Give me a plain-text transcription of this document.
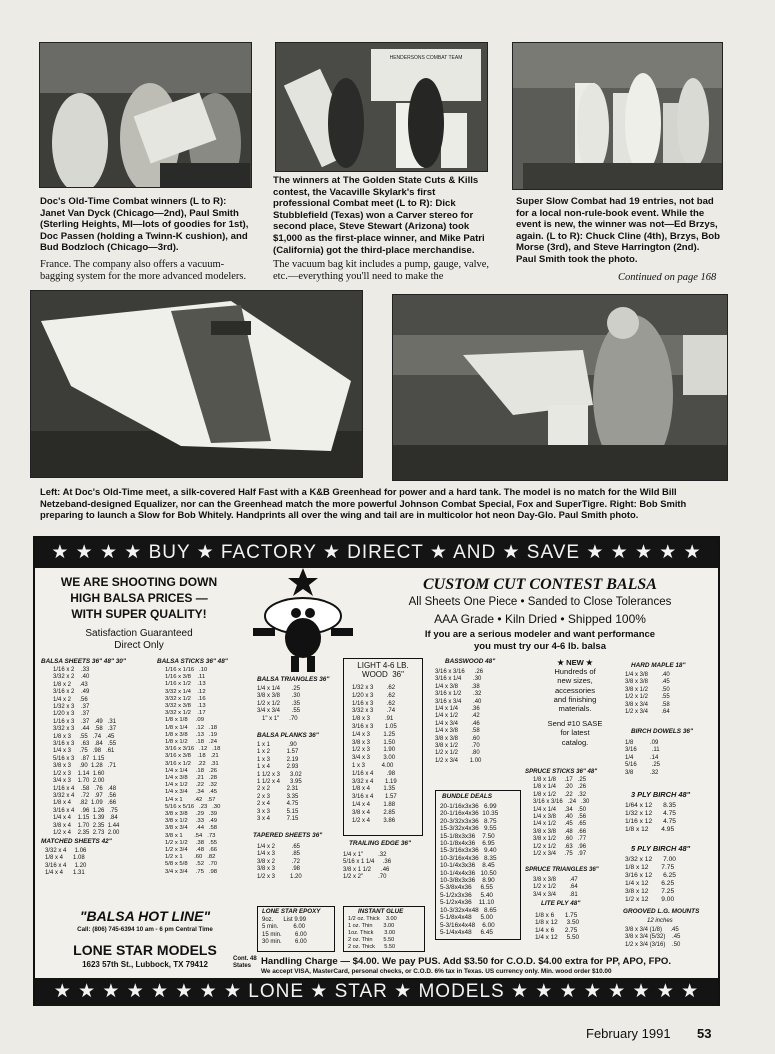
HENDERSONS COMBAT TEAM
Doc's Old-Time Combat winners (L to R): Janet Van Dyck (Chicago—2nd), Paul Smith (Sterling Heights, MI—lots of goodies for 1st), Doc Passen (holding a Twinn-K cushion), and Bud Bodzloch (Chicago—3rd).
The winners at The Golden State Cuts & Kills contest, the Vacaville Skylark's first professional Combat meet (L to R): Dick Stubblefield (Texas) won a Carver stereo for second place, Steve Stewart (Arizona) took $1,000 as the first-place winner, and Mike Patri (California) got the third-place merchandise.
Super Slow Combat had 19 entries, not bad for a local non-rule-book event. While the event is new, the winner was not—Ed Brzys, again. (L to R): Chuck Cline (4th), Brzys, Bob Morse (3rd), and Steve Harrington (2nd). Paul Smith took the photo.
France. The company also offers a vacuum-bagging system for the more advanced modelers.
The vacuum bag kit includes a pump, gauge, valve, etc.—everything you'll need to make the	Continued on page 168
Left: At Doc's Old-Time meet, a silk-covered Half Fast with a K&B Greenhead for power and a hard tank. The model is no match for the Wild Bill Netzeband-designed Equalizer, nor can the Greenhead match the more powerful Johnson Combat Special, Fox and SuperTigre. Right: Bob Smith preparing to launch a Slow for Bob Whitely. Handprints all over the wing and tail are in multicolor hot neon Day-Glo. Paul Smith photo.
★ ★ ★ ★ BUY ★ FACTORY ★ DIRECT ★ AND ★ SAVE ★ ★ ★ ★ ★
WE ARE SHOOTING DOWN
HIGH BALSA PRICES —
WITH SUPER QUALITY!
Satisfaction Guaranteed
Direct Only
CUSTOM CUT CONTEST BALSA
All Sheets One Piece • Sanded to Close Tolerances
AAA Grade • Kiln Dried • Shipped 100%
If you are a serious modeler and want performance
you must try our 4-6 lb. balsa
BALSA SHEETS 36" 48" 30"
1/16 x 2    .33
3/32 x 2    .40
1/8 x 2     .43
3/16 x 2    .49
1/4 x 2     .56
1/32 x 3    .37
1/20 x 3    .37
1/16 x 3    .37   .49   .31
3/32 x 3    .44   .58   .37
1/8 x 3     .55   .74   .45
3/16 x 3    .63   .84   .55
1/4 x 3     .75   .98   .61
5/16 x 3    .87  1.15
3/8 x 3     .90  1.28   .71
1/2 x 3    1.14  1.60
3/4 x 3    1.70  2.00
1/16 x 4    .58   .76   .48
3/32 x 4    .72   .97   .56
1/8 x 4     .82  1.09   .66
3/16 x 4    .96  1.26   .75
1/4 x 4    1.15  1.39   .84
3/8 x 4    1.70  2.35  1.44
1/2 x 4    2.35  2.73  2.00
MATCHED SHEETS 42"
3/32 x 4     1.06
1/8 x 4      1.08
3/16 x 4     1.20
1/4 x 4      1.31
BALSA STICKS 36" 48"
1/16 x 1/16   .10
1/16 x 3/8    .11
1/16 x 1/2    .13
3/32 x 1/4    .12
3/32 x 1/2    .16
3/32 x 3/8    .13
3/32 x 1/2    .17
1/8 x 1/8     .09
1/8 x 1/4     .12   .18
1/8 x 3/8     .13   .19
1/8 x 1/2     .18   .24
3/16 x 3/16   .12   .18
3/16 x 3/8    .18   .21
3/16 x 1/2    .22   .31
1/4 x 1/4     .18   .26
1/4 x 3/8     .21   .28
1/4 x 1/2     .22   .32
1/4 x 3/4     .34   .45
1/4 x 1       .42   .57
5/16 x 5/16   .23   .30
3/8 x 3/8     .29   .39
3/8 x 1/2     .33   .49
3/8 x 3/4     .44   .58
3/8 x 1       .54   .73
1/2 x 1/2     .38   .55
1/2 x 3/4     .48   .66
1/2 x 1       .60   .82
5/8 x 5/8     .52   .70
3/4 x 3/4     .75   .98
BALSA TRIANGLES 36"
1/4 x 1/4       .25
3/8 x 3/8       .30
1/2 x 1/2       .35
3/4 x 3/4       .55
1" x 1"      .70
BALSA PLANKS 36"
1 x 1           .90
1 x 2          1.57
1 x 3          2.19
1 x 4          2.93
1 1/2 x 3      3.02
1 1/2 x 4      3.95
2 x 2          2.31
2 x 3          3.35
2 x 4          4.75
3 x 3          5.15
3 x 4          7.15
TAPERED SHEETS 36"
1/4 x 2          .65
1/4 x 3          .85
3/8 x 2          .72
3/8 x 3          .98
1/2 x 3         1.20
LIGHT 4-6 LB.
WOOD  36"
1/32 x 3        .62
1/20 x 3        .62
1/16 x 3        .62
3/32 x 3        .74
1/8 x 3         .91
3/16 x 3       1.05
1/4 x 3        1.25
3/8 x 3        1.50
1/2 x 3        1.90
3/4 x 3        3.00
1 x 3          4.00
1/16 x 4        .98
3/32 x 4       1.19
1/8 x 4        1.35
3/16 x 4       1.57
1/4 x 4        1.88
3/8 x 4        2.85
1/2 x 4        3.86
TRAILING EDGE 36"
1/4 x 1"         .32
5/16 x 1 1/4     .36
3/8 x 1 1/2      .46
1/2 x 2"         .70
BASSWOOD 48"
3/16 x 3/16      .26
3/16 x 1/4       .30
1/4 x 3/8        .38
3/16 x 1/2       .32
3/16 x 3/4       .40
1/4 x 1/4        .36
1/4 x 1/2        .42
1/4 x 3/4        .46
1/4 x 3/8        .58
3/8 x 3/8        .60
3/8 x 1/2        .70
1/2 x 1/2        .80
1/2 x 3/4       1.00
BUNDLE DEALS
20-1/16x3x36   6.99
20-1/16x4x36  10.35
20-3/32x3x36   8.75
15-3/32x4x36   9.55
15-1/8x3x36    7.50
10-1/8x4x36    6.95
15-3/16x3x36   9.40
10-3/16x4x36   8.35
10-1/4x3x36    8.45
10-1/4x4x36   10.50
10-3/8x3x36    8.90
5-3/8x4x36     6.55
5-1/2x3x36     5.40
5-1/2x4x36    11.10
10-3/32x4x48   8.65
5-1/8x4x48     5.00
5-3/16x4x48    6.00
5-1/4x4x48     6.45
★ NEW ★
Hundreds of
new sizes,
accessories
and finishing
materials.
Send #10 SASE
for latest
catalog.
SPRUCE STICKS 36" 48"
1/8 x 1/8     .17   .25
1/8 x 1/4     .20   .26
1/8 x 1/2     .22   .32
3/16 x 3/16   .24   .30
1/4 x 1/4     .34   .50
1/4 x 3/8     .40   .56
1/4 x 1/2     .45   .65
3/8 x 3/8     .48   .66
3/8 x 1/2     .60   .77
1/2 x 1/2     .63   .96
1/2 x 3/4     .75   .97
SPRUCE TRIANGLES 36"
3/8 x 3/8        .47
1/2 x 1/2        .64
3/4 x 3/4        .81
LITE PLY 48"
1/8 x 6      1.75
1/8 x 12     3.50
1/4 x 6      2.75
1/4 x 12     5.50
HARD MAPLE 18"
1/4 x 3/8        .40
3/8 x 3/8        .45
3/8 x 1/2        .50
1/2 x 1/2        .55
3/8 x 3/4        .58
1/2 x 3/4        .64
BIRCH DOWELS 36"
1/8          .09
3/16         .11
1/4          .14
5/16         .25
3/8          .32
3 PLY BIRCH 48"
1/64 x 12      8.35
1/32 x 12      4.75
1/16 x 12      4.75
1/8 x 12       4.95
5 PLY BIRCH 48"
3/32 x 12      7.00
1/8 x 12       7.75
3/16 x 12      6.25
1/4 x 12       6.25
3/8 x 12       7.25
1/2 x 12       9.00
GROOVED L.G. MOUNTS
12 inches
3/8 x 3/4 (1/8)     .45
3/8 x 3/4 (5/32)    .45
1/2 x 3/4 (3/16)    .50
"BALSA HOT LINE"
Call: (806) 745-6394 10 am - 6 pm Central Time
LONE STAR MODELS
1623 57th St., Lubbock, TX 79412
LONE STAR EPOXY
9oz.      List 9.99
5 min.         6.00
15 min.        6.00
30 min.        6.00
INSTANT GLUE
1/2 oz. Thick    3.00
1 oz. Thin       3.00
1oz. Thick       3.00
2 oz. Thin       5.50
2 oz. Thick      5.50
Cont. 48
States	Handling Charge — $4.00. We pay PUS. Add $3.50 for C.O.D. $4.00 extra for PP, APO, FPO.
We accept VISA, MasterCard, personal checks, or C.O.D. 6% tax in Texas. US currency only. Min. wood order $10.00
★ ★ ★ ★ ★ ★ ★ ★ LONE ★ STAR ★ MODELS ★ ★ ★ ★ ★ ★ ★ ★
February 1991 53
